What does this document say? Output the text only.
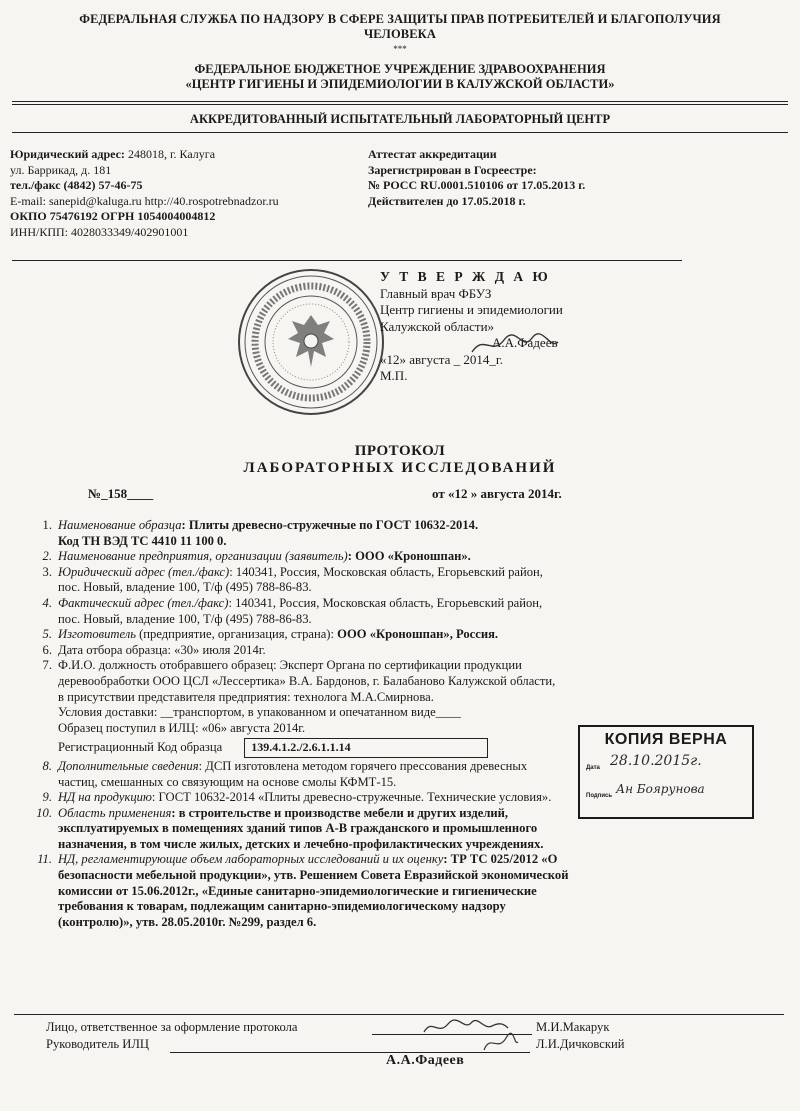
ФЕДЕРАЛЬНАЯ СЛУЖБА ПО НАДЗОРУ В СФЕРЕ ЗАЩИТЫ ПРАВ ПОТРЕБИТЕЛЕЙ И БЛАГОПОЛУЧИЯ
ЧЕЛОВЕКА
***
ФЕДЕРАЛЬНОЕ БЮДЖЕТНОЕ УЧРЕЖДЕНИЕ ЗДРАВООХРАНЕНИЯ
«ЦЕНТР ГИГИЕНЫ И ЭПИДЕМИОЛОГИИ В КАЛУЖСКОЙ ОБЛАСТИ»
АККРЕДИТОВАННЫЙ ИСПЫТАТЕЛЬНЫЙ ЛАБОРАТОРНЫЙ ЦЕНТР
Юридический адрес: 248018, г. Калуга
ул. Баррикад, д. 181
тел./факс (4842) 57-46-75
E-mail: sanepid@kaluga.ru http://40.rospotrebnadzor.ru
ОКПО 75476192 ОГРН 1054004004812
ИНН/КПП: 4028033349/402901001
Аттестат аккредитации
Зарегистрирован в Госреестре:
№ РОСС RU.0001.510106 от 17.05.2013 г.
Действителен до 17.05.2018 г.
У Т В Е Р Ж Д А Ю
Главный врач ФБУЗ
Центр гигиены и эпидемиологии
Калужской области»
А.А.Фадеев
«12» августа _ 2014_г.
М.П.
ПРОТОКОЛ
ЛАБОРАТОРНЫХ ИССЛЕДОВАНИЙ
№_158____	от «12 » августа 2014г.
1. Наименование образца: Плиты древесно-стружечные по ГОСТ 10632-2014.
Код ТН ВЭД ТС 4410 11 100 0.
2. Наименование предприятия, организации (заявитель): ООО «Кроношпан».
3. Юридический адрес (тел./факс): 140341, Россия, Московская область, Егорьевский район,
пос. Новый, владение 100, Т/ф (495) 788-86-83.
4. Фактический адрес (тел./факс): 140341, Россия, Московская область, Егорьевский район,
пос. Новый, владение 100, Т/ф (495) 788-86-83.
5. Изготовитель (предприятие, организация, страна): ООО «Кроношпан», Россия.
6. Дата отбора образца: «30» июля 2014г.
7. Ф.И.О. должность отобравшего образец: Эксперт Органа по сертификации продукции
деревообработки ООО ЦСЛ «Лессертика» В.А. Бардонов, г. Балабаново Калужской области,
в присутствии представителя предприятия: технолога М.А.Смирнова.
Условия доставки: __транспортом, в упакованном и опечатанном виде____
Образец поступил в ИЛЦ: «06» августа 2014г.
Регистрационный Код образца	139.4.1.2./2.6.1.1.14
8. Дополнительные сведения: ДСП изготовлена методом горячего прессования древесных
частиц, смешанных со связующим на основе смолы КФМТ-15.
9. НД на продукцию: ГОСТ 10632-2014 «Плиты древесно-стружечные. Технические условия».
10. Область применения: в строительстве и производстве мебели и других изделий,
эксплуатируемых в помещениях зданий типов А-В гражданского и промышленного
назначения, в том числе жилых, детских и лечебно-профилактических учреждениях.
11. НД, регламентирующие объем лабораторных исследований и их оценку: ТР ТС 025/2012 «О
безопасности мебельной продукции», утв. Решением Совета Евразийской экономической
комиссии от 15.06.2012г., «Единые санитарно-эпидемиологические и гигиенические
требования к товарам, подлежащим санитарно-эпидемиологическому надзору
(контролю)», утв. 28.05.2010г. №299, раздел 6.
КОПИЯ ВЕРНА
Дата 28.10.2015г.
Подпись Ан Боярунова
Лицо, ответственное за оформление протокола
Руководитель ИЛЦ
М.И.Макарук
Л.И.Дичковский
А.А.Фадеев
